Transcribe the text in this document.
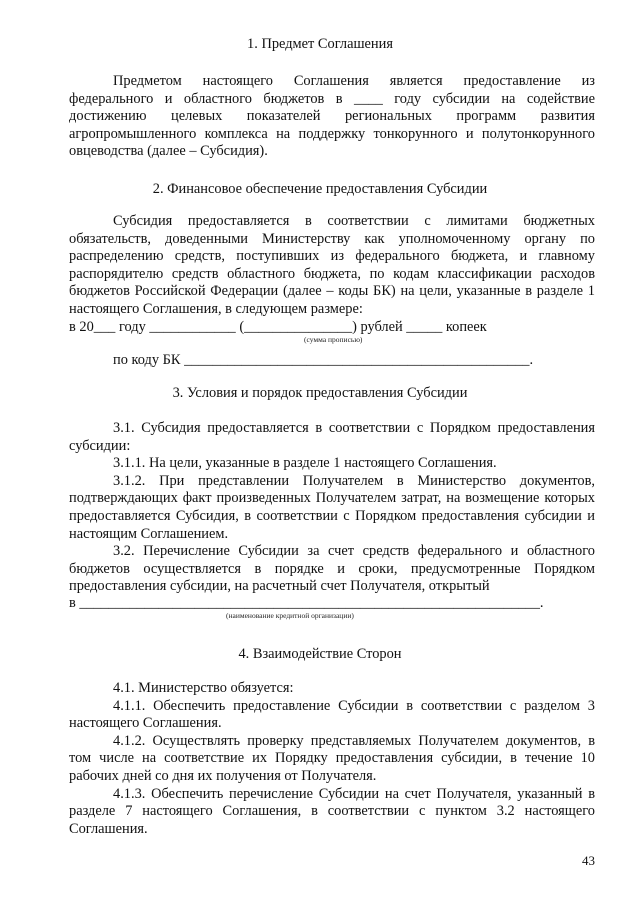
1. Предмет Соглашения

Предметом настоящего Соглашения является предоставление из федерального и областного бюджетов в ____ году субсидии на содействие достижению целевых показателей региональных программ развития агропромышленного комплекса на поддержку тонкорунного и полутонкорунного овцеводства (далее – Субсидия).

2. Финансовое обеспечение предоставления Субсидии

Субсидия предоставляется в соответствии с лимитами бюджетных обязательств, доведенными Министерству как уполномоченному органу по распределению средств, поступивших из федерального бюджета, и главному распорядителю средств областного бюджета, по кодам классификации расходов бюджетов Российской Федерации (далее – коды БК) на цели, указанные в разделе 1 настоящего Соглашения, в следующем размере:

в 20___ году ____________ (_______________) рублей _____ копеек
(сумма прописью)
по коду БК ________________________________________________.
3. Условия и порядок предоставления Субсидии

3.1. Субсидия предоставляется в соответствии с Порядком предоставления субсидии:

3.1.1. На цели, указанные в разделе 1 настоящего Соглашения.

3.1.2. При представлении Получателем в Министерство документов, подтверждающих факт произведенных Получателем затрат, на возмещение которых предоставляется Субсидия, в соответствии с Порядком предоставления субсидии и настоящим Соглашением.

3.2. Перечисление Субсидии за счет средств федерального и областного бюджетов осуществляется в порядке и сроки, предусмотренные Порядком предоставления субсидии, на расчетный счет Получателя, открытый

в ________________________________________________________________.
(наименование кредитной организации)
4. Взаимодействие Сторон

4.1. Министерство обязуется:

4.1.1. Обеспечить предоставление Субсидии в соответствии с разделом 3 настоящего Соглашения.

4.1.2. Осуществлять проверку представляемых Получателем документов, в том числе на соответствие их Порядку предоставления субсидии, в течение 10 рабочих дней со дня их получения от Получателя.

4.1.3. Обеспечить перечисление Субсидии на счет Получателя, указанный в разделе 7 настоящего Соглашения, в соответствии с пунктом 3.2 настоящего Соглашения.

43
